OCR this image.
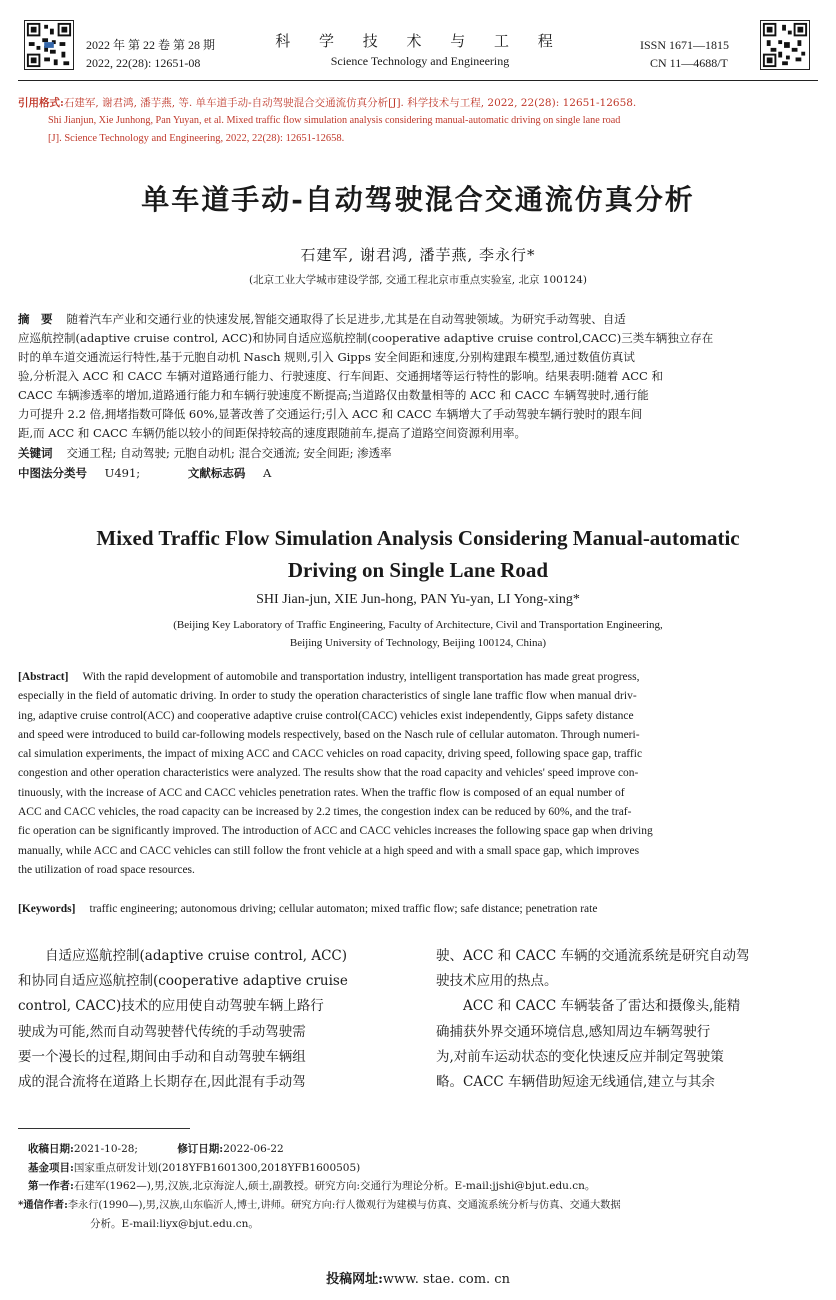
2022 年 第 22 卷 第 28 期
2022, 22(28): 12651-08
科 学 技 术 与 工 程
Science Technology and Engineering
ISSN 1671—1815
CN 11—4688/T
引用格式:石建军, 谢君鸿, 潘芋燕, 等. 单车道手动-自动驾驶混合交通流仿真分析[J]. 科学技术与工程, 2022, 22(28): 12651-12658.
Shi Jianjun, Xie Junhong, Pan Yuyan, et al. Mixed traffic flow simulation analysis considering manual-automatic driving on single lane road
[J]. Science Technology and Engineering, 2022, 22(28): 12651-12658.
单车道手动-自动驾驶混合交通流仿真分析
石建军, 谢君鸿, 潘芋燕, 李永行*
(北京工业大学城市建设学部, 交通工程北京市重点实验室, 北京 100124)
摘　要 随着汽车产业和交通行业的快速发展,智能交通取得了长足进步,尤其是在自动驾驶领域。为研究手动驾驶、自适
应巡航控制(adaptive cruise control, ACC)和协同自适应巡航控制(cooperative adaptive cruise control,CACC)三类车辆独立存在
时的单车道交通流运行特性,基于元胞自动机 Nasch 规则,引入 Gipps 安全间距和速度,分别构建跟车模型,通过数值仿真试
验,分析混入 ACC 和 CACC 车辆对道路通行能力、行驶速度、行车间距、交通拥堵等运行特性的影响。结果表明:随着 ACC 和
CACC 车辆渗透率的增加,道路通行能力和车辆行驶速度不断提高;当道路仅由数量相等的 ACC 和 CACC 车辆驾驶时,通行能
力可提升 2.2 倍,拥堵指数可降低 60%,显著改善了交通运行;引入 ACC 和 CACC 车辆增大了手动驾驶车辆行驶时的跟车间
距,而 ACC 和 CACC 车辆仍能以较小的间距保持较高的速度跟随前车,提高了道路空间资源利用率。
关键词 交通工程; 自动驾驶; 元胞自动机; 混合交通流; 安全间距; 渗透率
中图法分类号 U491;	文献标志码 A
Mixed Traffic Flow Simulation Analysis Considering Manual-automatic
Driving on Single Lane Road
SHI Jian-jun, XIE Jun-hong, PAN Yu-yan, LI Yong-xing*
(Beijing Key Laboratory of Traffic Engineering, Faculty of Architecture, Civil and Transportation Engineering,
Beijing University of Technology, Beijing 100124, China)
[Abstract] With the rapid development of automobile and transportation industry, intelligent transportation has made great progress,
especially in the field of automatic driving. In order to study the operation characteristics of single lane traffic flow when manual driv-
ing, adaptive cruise control(ACC) and cooperative adaptive cruise control(CACC) vehicles exist independently, Gipps safety distance
and speed were introduced to build car-following models respectively, based on the Nasch rule of cellular automaton. Through numeri-
cal simulation experiments, the impact of mixing ACC and CACC vehicles on road capacity, driving speed, following space gap, traffic
congestion and other operation characteristics were analyzed. The results show that the road capacity and vehicles' speed improve con-
tinuously, with the increase of ACC and CACC vehicles penetration rates. When the traffic flow is composed of an equal number of
ACC and CACC vehicles, the road capacity can be increased by 2.2 times, the congestion index can be reduced by 60%, and the traf-
fic operation can be significantly improved. The introduction of ACC and CACC vehicles increases the following space gap when driving
manually, while ACC and CACC vehicles can still follow the front vehicle at a high speed and with a small space gap, which improves
the utilization of road space resources.
[Keywords] traffic engineering; autonomous driving; cellular automaton; mixed traffic flow; safe distance; penetration rate
　　自适应巡航控制(adaptive cruise control, ACC)
和协同自适应巡航控制(cooperative adaptive cruise
control, CACC)技术的应用使自动驾驶车辆上路行
驶成为可能,然而自动驾驶替代传统的手动驾驶需
要一个漫长的过程,期间由手动和自动驾驶车辆组
成的混合流将在道路上长期存在,因此混有手动驾
驶、ACC 和 CACC 车辆的交通流系统是研究自动驾
驶技术应用的热点。
　　ACC 和 CACC 车辆装备了雷达和摄像头,能精
确捕获外界交通环境信息,感知周边车辆驾驶行
为,对前车运动状态的变化快速反应并制定驾驶策
略。CACC 车辆借助短途无线通信,建立与其余
收稿日期:2021-10-28;	修订日期:2022-06-22
基金项目:国家重点研发计划(2018YFB1601300,2018YFB1600505)
第一作者:石建军(1962—),男,汉族,北京海淀人,硕士,副教授。研究方向:交通行为理论分析。E-mail:jjshi@bjut.edu.cn。
*通信作者:李永行(1990—),男,汉族,山东临沂人,博士,讲师。研究方向:行人微观行为建模与仿真、交通流系统分析与仿真、交通大数据
分析。E-mail:liyx@bjut.edu.cn。
投稿网址:www. stae. com. cn
